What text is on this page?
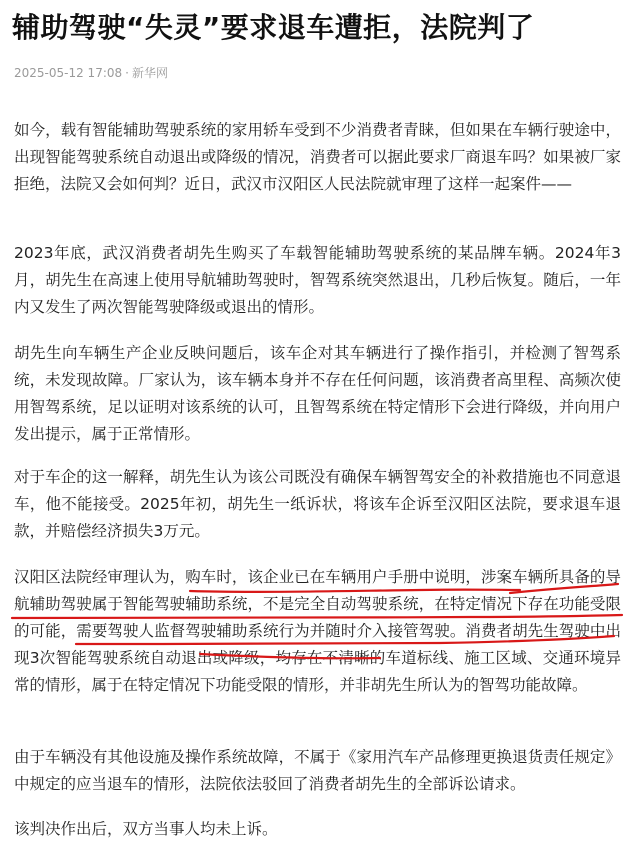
辅助驾驶“失灵”要求退车遭拒，法院判了
2025-05-12 17:08 · 新华网

如今，载有智能辅助驾驶系统的家用轿车受到不少消费者青睐，但如果在车辆行驶途中，出现智能驾驶系统自动退出或降级的情况，消费者可以据此要求厂商退车吗？如果被厂家拒绝，法院又会如何判？近日，武汉市汉阳区人民法院就审理了这样一起案件——

2023年底，武汉消费者胡先生购买了车载智能辅助驾驶系统的某品牌车辆。2024年3月，胡先生在高速上使用导航辅助驾驶时，智驾系统突然退出，几秒后恢复。随后，一年内又发生了两次智能驾驶降级或退出的情形。

胡先生向车辆生产企业反映问题后，该车企对其车辆进行了操作指引，并检测了智驾系统，未发现故障。厂家认为，该车辆本身并不存在任何问题，该消费者高里程、高频次使用智驾系统，足以证明对该系统的认可，且智驾系统在特定情形下会进行降级，并向用户发出提示，属于正常情形。

对于车企的这一解释，胡先生认为该公司既没有确保车辆智驾安全的补救措施也不同意退车，他不能接受。2025年初，胡先生一纸诉状，将该车企诉至汉阳区法院，要求退车退款，并赔偿经济损失3万元。

汉阳区法院经审理认为，购车时，该企业已在车辆用户手册中说明，涉案车辆所具备的导航辅助驾驶属于智能驾驶辅助系统，不是完全自动驾驶系统，在特定情况下存在功能受限的可能，需要驾驶人监督驾驶辅助系统行为并随时介入接管驾驶。消费者胡先生驾驶中出现3次智能驾驶系统自动退出或降级，均存在不清晰的车道标线、施工区域、交通环境异常的情形，属于在特定情况下功能受限的情形，并非胡先生所认为的智驾功能故障。

由于车辆没有其他设施及操作系统故障，不属于《家用汽车产品修理更换退货责任规定》中规定的应当退车的情形，法院依法驳回了消费者胡先生的全部诉讼请求。

该判决作出后，双方当事人均未上诉。
